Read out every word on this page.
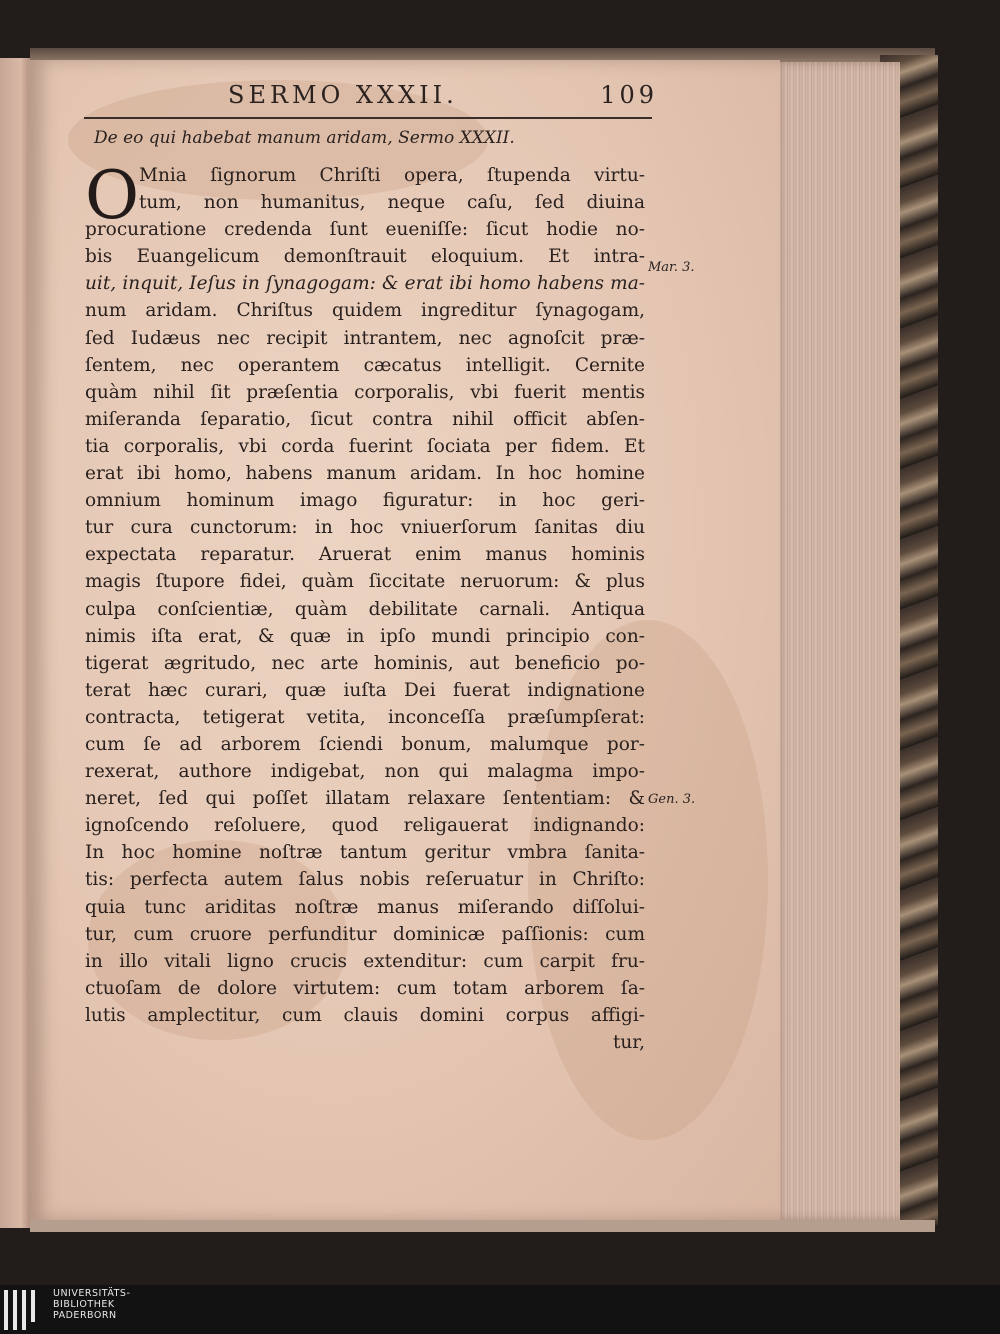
SERMO XXXII.	109
De eo qui habebat manum aridam, Sermo XXXII.
O Mnia ſignorum Chriſti opera, ſtupenda virtu-
tum, non humanitus, neque caſu, ſed diuina
procuratione credenda ſunt eueniſſe: ſicut hodie no-
bis Euangelicum demonſtrauit eloquium. Et intra-
uit, inquit, Ieſus in ſynagogam: & erat ibi homo habens ma-
num aridam. Chriſtus quidem ingreditur ſynagogam,
ſed Iudæus nec recipit intrantem, nec agnoſcit præ-
ſentem, nec operantem cæcatus intelligit. Cernite
quàm nihil ſit præſentia corporalis, vbi fuerit mentis
miſeranda ſeparatio, ſicut contra nihil officit abſen-
tia corporalis, vbi corda fuerint ſociata per fidem. Et
erat ibi homo, habens manum aridam. In hoc homine
omnium hominum imago figuratur: in hoc geri-
tur cura cunctorum: in hoc vniuerſorum ſanitas diu
expectata reparatur. Aruerat enim manus hominis
magis ſtupore fidei, quàm ſiccitate neruorum: & plus
culpa conſcientiæ, quàm debilitate carnali. Antiqua
nimis iſta erat, & quæ in ipſo mundi principio con-
tigerat ægritudo, nec arte hominis, aut beneficio po-
terat hæc curari, quæ iuſta Dei fuerat indignatione
contracta, tetigerat vetita, inconceſſa præſumpſerat:
cum ſe ad arborem ſciendi bonum, malumque por-
rexerat, authore indigebat, non qui malagma impo-
neret, ſed qui poſſet illatam relaxare ſententiam: &
ignoſcendo reſoluere, quod religauerat indignando:
In hoc homine noſtræ tantum geritur vmbra ſanita-
tis: perfecta autem ſalus nobis reſeruatur in Chriſto:
quia tunc ariditas noſtræ manus miſerando diſſolui-
tur, cum cruore perfunditur dominicæ paſſionis: cum
in illo vitali ligno crucis extenditur: cum carpit fru-
ctuoſam de dolore virtutem: cum totam arborem ſa-
lutis amplectitur, cum clauis domini corpus affigi-
tur,
Mar. 3.
Gen. 3.
UNIVERSITÄTS-
BIBLIOTHEK
PADERBORN
